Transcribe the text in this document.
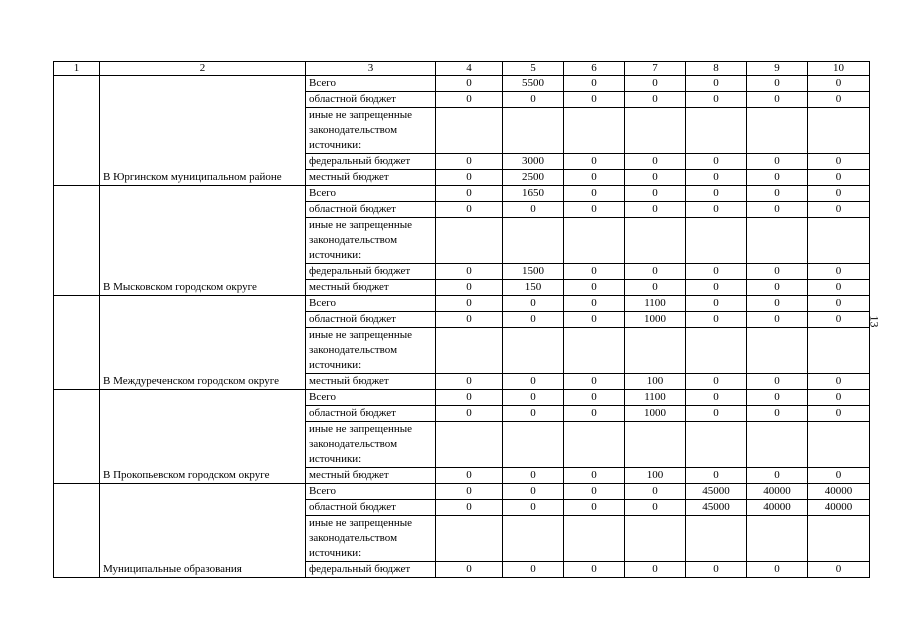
1	2	3	4	5	6	7	8	9	10
	В Юргинском муниципальном районе	Всего	0	5500	0	0	0	0	0
		областной бюджет	0	0	0	0	0	0	0
		иные не запрещенные законодательством источники:							
		федеральный бюджет	0	3000	0	0	0	0	0
		местный бюджет	0	2500	0	0	0	0	0
	В Мысковском городском округе	Всего	0	1650	0	0	0	0	0
		областной бюджет	0	0	0	0	0	0	0
		иные не запрещенные законодательством источники:							
		федеральный бюджет	0	1500	0	0	0	0	0
		местный бюджет	0	150	0	0	0	0	0
	В Междуреченском городском округе	Всего	0	0	0	1100	0	0	0
		областной бюджет	0	0	0	1000	0	0	0
		иные не запрещенные законодательством источники:							
		местный бюджет	0	0	0	100	0	0	0
	В Прокопьевском городском округе	Всего	0	0	0	1100	0	0	0
		областной бюджет	0	0	0	1000	0	0	0
		иные не запрещенные законодательством источники:							
		местный бюджет	0	0	0	100	0	0	0
	Муниципальные образования	Всего	0	0	0	0	45000	40000	40000
		областной бюджет	0	0	0	0	45000	40000	40000
		иные не запрещенные законодательством источники:							
		федеральный бюджет	0	0	0	0	0	0	0
13
